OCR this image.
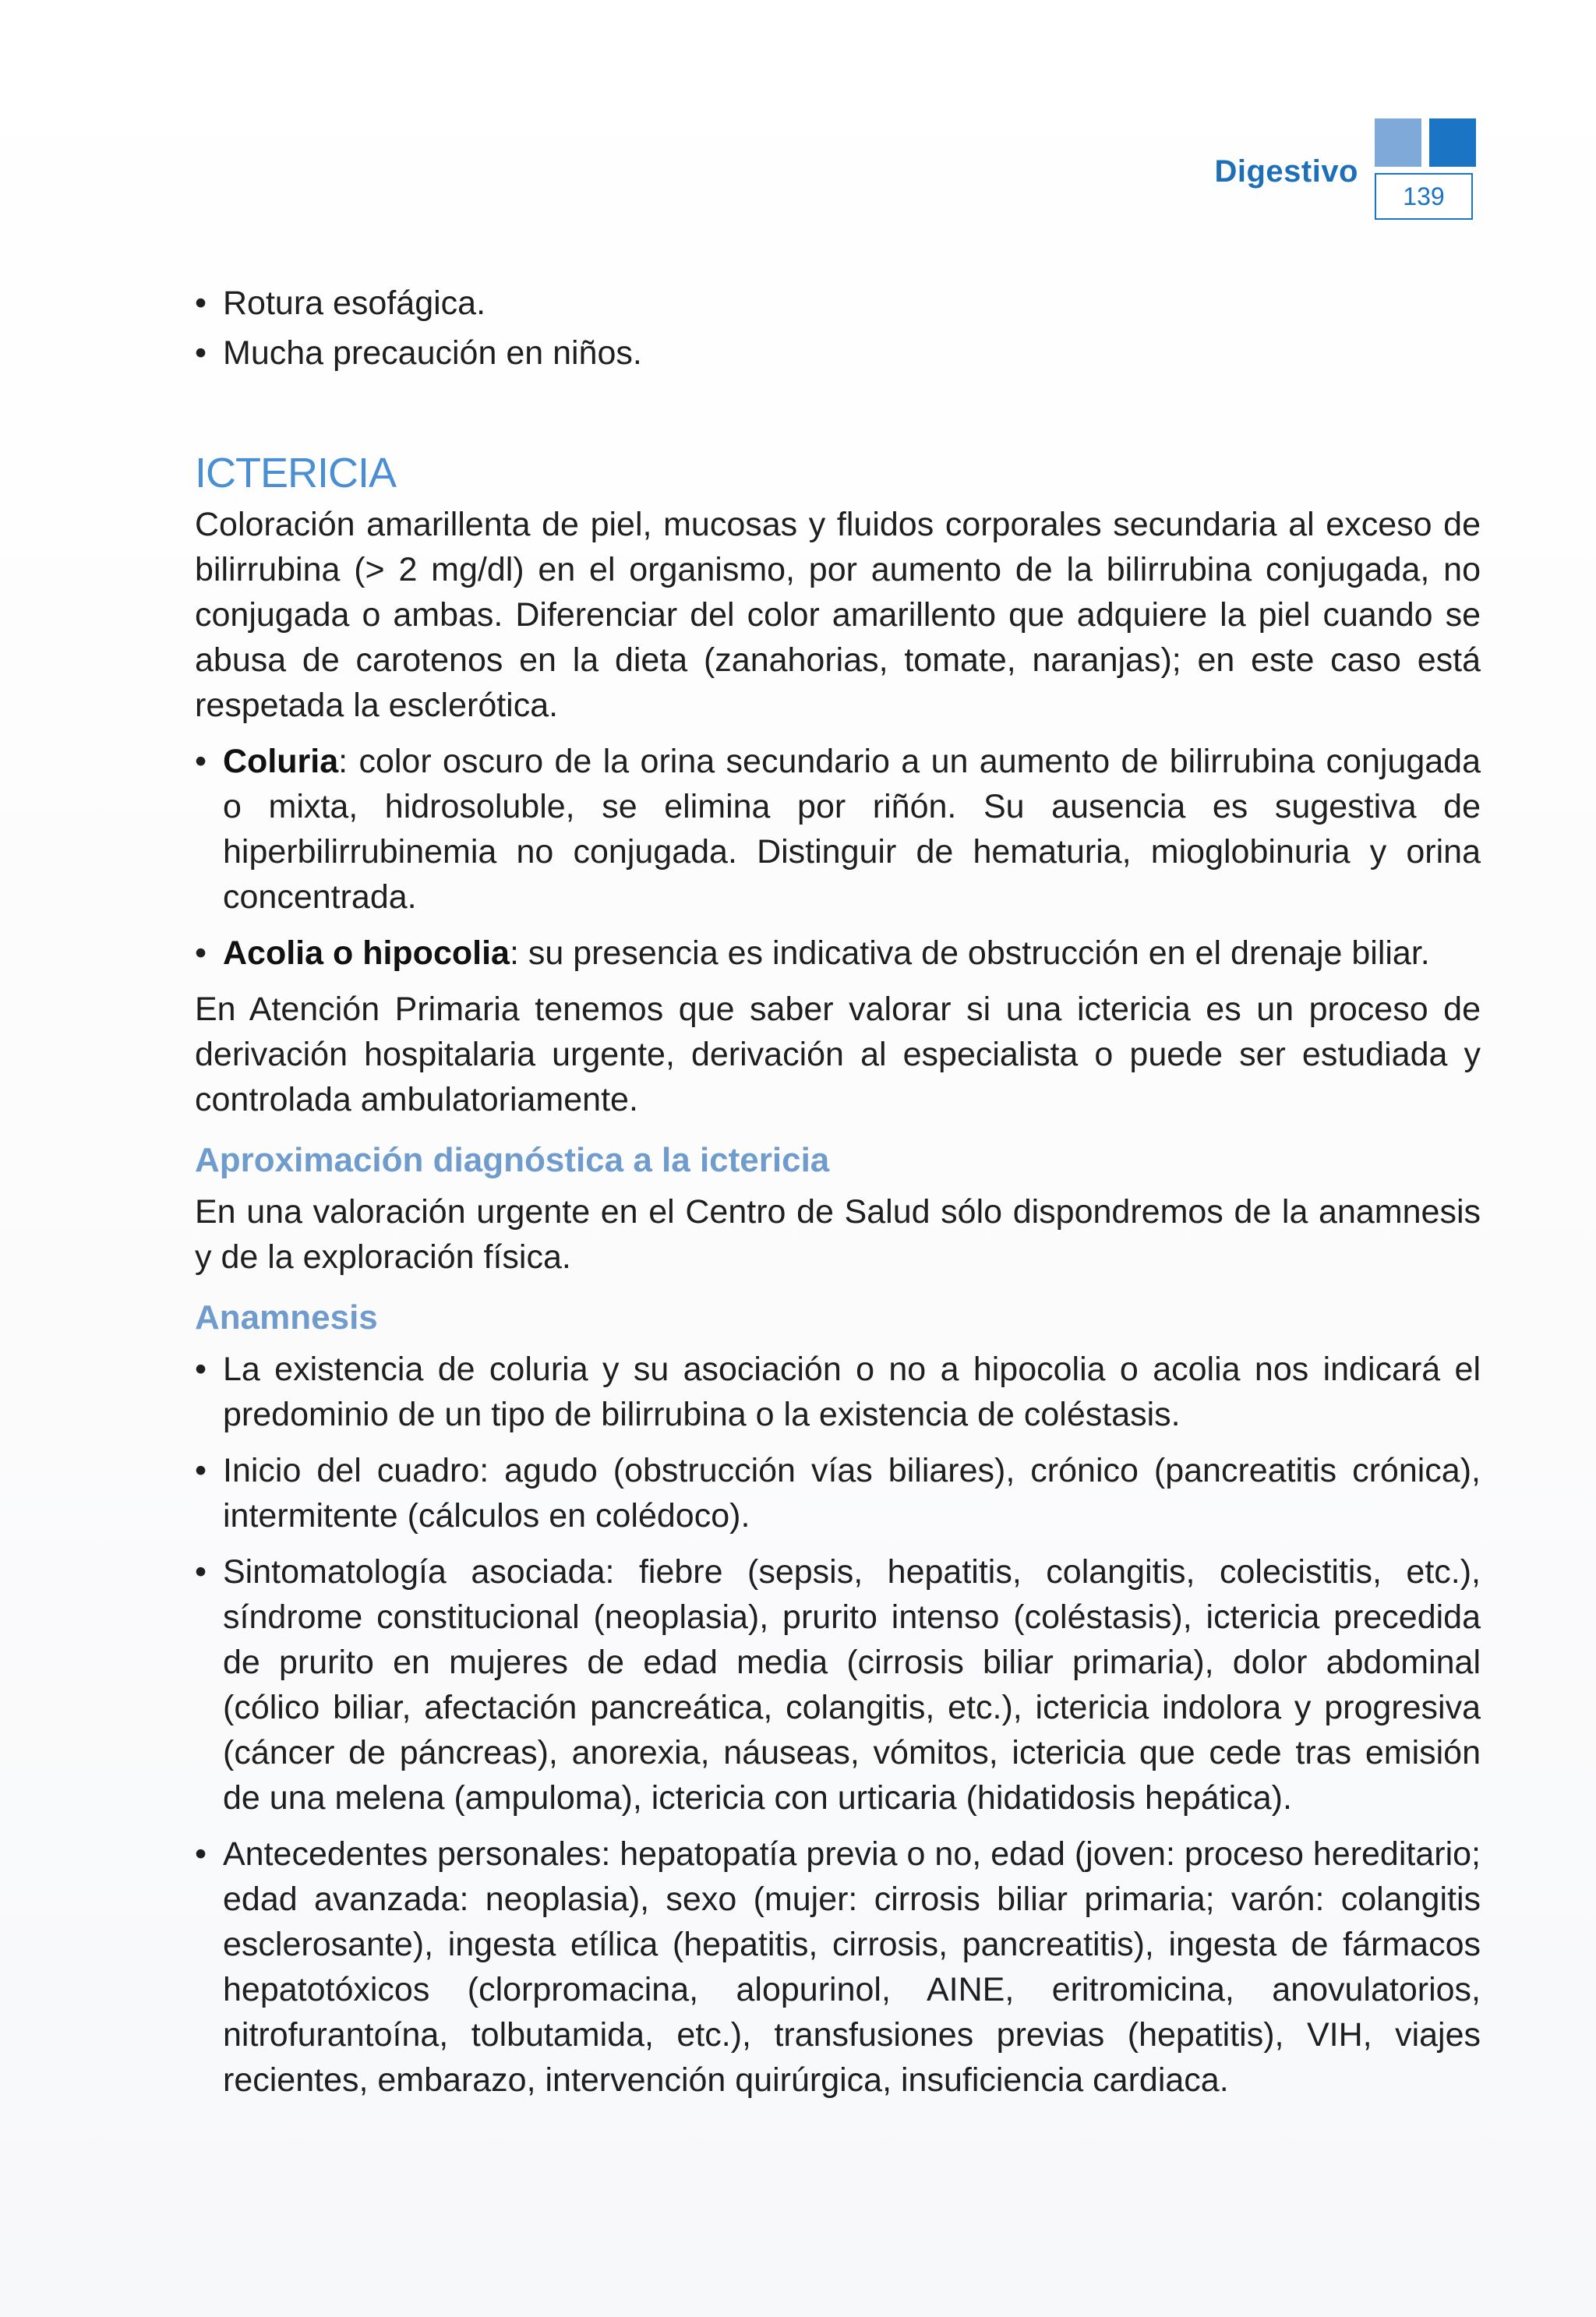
Digestivo
139
• Rotura esofágica.
• Mucha precaución en niños.
ICTERICIA

Coloración amarillenta de piel, mucosas y fluidos corporales secundaria al exceso de bilirrubina (> 2 mg/dl) en el organismo, por aumento de la bilirrubina conjugada, no conjugada o ambas. Diferenciar del color amarillento que adquiere la piel cuando se abusa de carotenos en la dieta (zanahorias, tomate, naranjas); en este caso está respetada la esclerótica.

• Coluria: color oscuro de la orina secundario a un aumento de bilirrubina conjugada o mixta, hidrosoluble, se elimina por riñón. Su ausencia es sugestiva de hiperbilirrubinemia no conjugada. Distinguir de hematuria, mioglobinuria y orina concentrada.
• Acolia o hipocolia: su presencia es indicativa de obstrucción en el drenaje biliar.

En Atención Primaria tenemos que saber valorar si una ictericia es un proceso de derivación hospitalaria urgente, derivación al especialista o puede ser estudiada y controlada ambulatoriamente.

Aproximación diagnóstica a la ictericia

En una valoración urgente en el Centro de Salud sólo dispondremos de la anamnesis y de la exploración física.

Anamnesis
• La existencia de coluria y su asociación o no a hipocolia o acolia nos indicará el predominio de un tipo de bilirrubina o la existencia de coléstasis.
• Inicio del cuadro: agudo (obstrucción vías biliares), crónico (pancreatitis crónica), intermitente (cálculos en colédoco).
• Sintomatología asociada: fiebre (sepsis, hepatitis, colangitis, colecistitis, etc.), síndrome constitucional (neoplasia), prurito intenso (coléstasis), ictericia precedida de prurito en mujeres de edad media (cirrosis biliar primaria), dolor abdominal (cólico biliar, afectación pancreática, colangitis, etc.), ictericia indolora y progresiva (cáncer de páncreas), anorexia, náuseas, vómitos, ictericia que cede tras emisión de una melena (ampuloma), ictericia con urticaria (hidatidosis hepática).
• Antecedentes personales: hepatopatía previa o no, edad (joven: proceso hereditario; edad avanzada: neoplasia), sexo (mujer: cirrosis biliar primaria; varón: colangitis esclerosante), ingesta etílica (hepatitis, cirrosis, pancreatitis), ingesta de fármacos hepatotóxicos (clorpromacina, alopurinol, AINE, eritromicina, anovulatorios, nitrofurantoína, tolbutamida, etc.), transfusiones previas (hepatitis), VIH, viajes recientes, embarazo, intervención quirúrgica, insuficiencia cardiaca.
